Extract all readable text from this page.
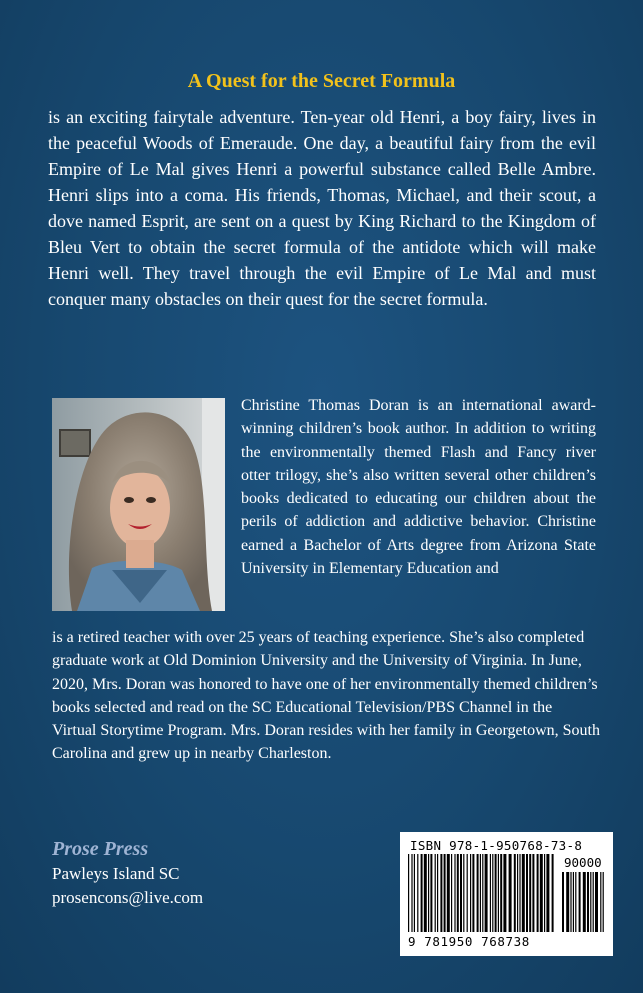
A Quest for the Secret Formula

is an exciting fairytale adventure. Ten-year old Henri, a boy fairy, lives in the peaceful Woods of Emeraude. One day, a beautiful fairy from the evil Empire of Le Mal gives Henri a powerful substance called Belle Ambre. Henri slips into a coma. His friends, Thomas, Michael, and their scout, a dove named Esprit, are sent on a quest by King Richard to the Kingdom of Bleu Vert to obtain the secret formula of the antidote which will make Henri well. They travel through the evil Empire of Le Mal and must conquer many obstacles on their quest for the secret formula.

Christine Thomas Doran is an international award-winning children’s book author. In addition to writing the environmentally themed Flash and Fancy river otter trilogy, she’s also written several other children’s books dedicated to educating our children about the perils of addiction and addictive behavior. Christine earned a Bachelor of Arts degree from Arizona State University in Elementary Education and

is a retired teacher with over 25 years of teaching experience. She’s also completed graduate work at Old Dominion University and the University of Virginia. In June, 2020, Mrs. Doran was honored to have one of her environmentally themed children’s books selected and read on the SC Educational Television/PBS Channel in the Virtual Storytime Program. Mrs. Doran resides with her family in Georgetown, South Carolina and grew up in nearby Charleston.

Prose Press
Pawleys Island SC
prosencons@live.com
ISBN 978-1-950768-73-8
90000
9 781950 768738
